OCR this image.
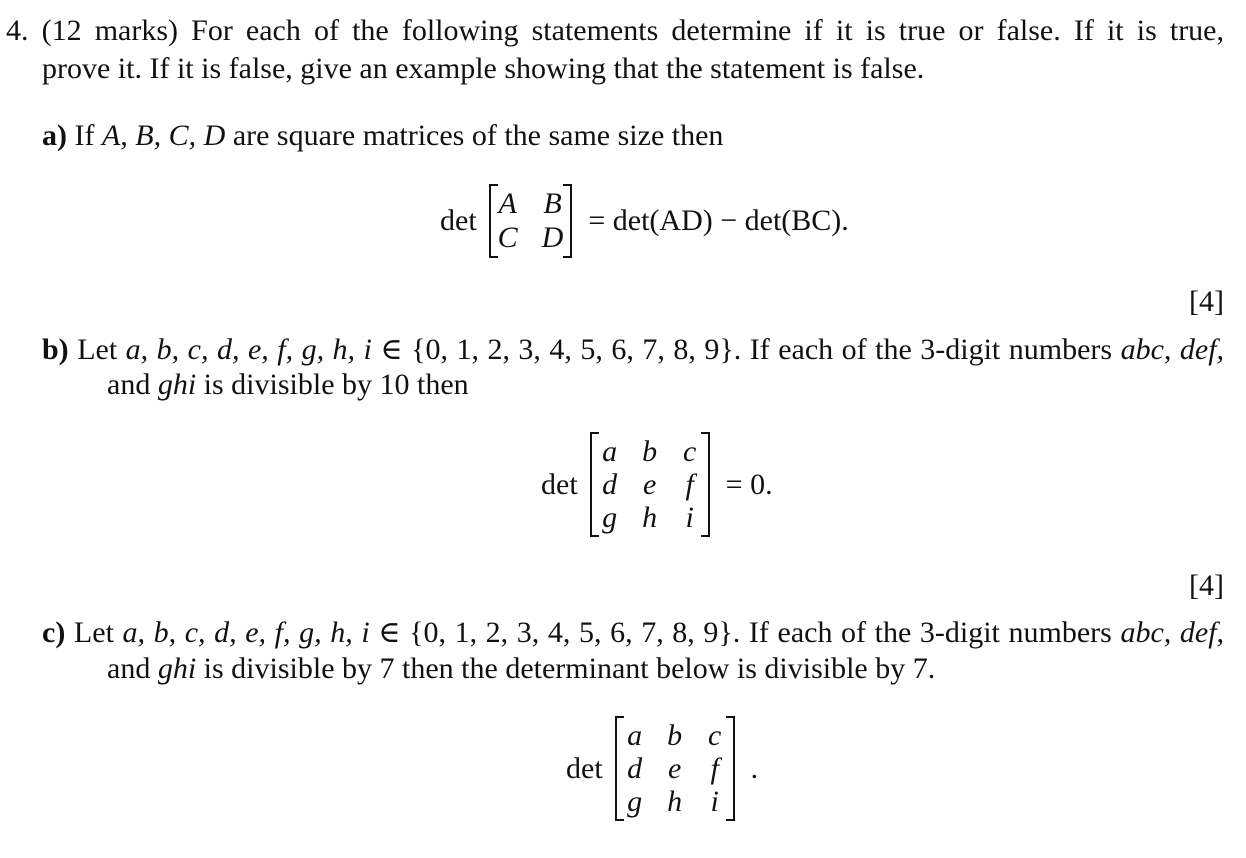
4. (12 marks) For each of the following statements determine if it is true or false. If it is true,
prove it. If it is false, give an example showing that the statement is false.
a) If A, B, C, D are square matrices of the same size then
det
A B
C D
= det(AD) − det(BC).
[4]
b) Let a, b, c, d, e, f, g, h, i ∈ {0, 1, 2, 3, 4, 5, 6, 7, 8, 9}. If each of the 3-digit numbers abc, def,
and ghi is divisible by 10 then
det
a b c
d e f
g h i
= 0.
[4]
c) Let a, b, c, d, e, f, g, h, i ∈ {0, 1, 2, 3, 4, 5, 6, 7, 8, 9}. If each of the 3-digit numbers abc, def,
and ghi is divisible by 7 then the determinant below is divisible by 7.
det
a b c
d e f
g h i
.
